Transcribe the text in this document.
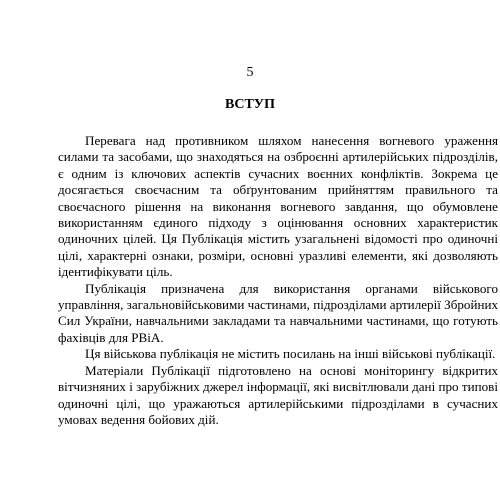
5
ВСТУП

Перевага над противником шляхом нанесення вогневого ураження силами та засобами, що знаходяться на озброєнні артилерійських підрозділів, є одним із ключових аспектів сучасних воєнних конфліктів. Зокрема це досягається своєчасним та обґрунтованим прийняттям правильного та своєчасного рішення на виконання вогневого завдання, що обумовлене використанням єдиного підходу з оцінювання основних характеристик одиночних цілей. Ця Публікація містить узагальнені відомості про одиночні цілі, характерні ознаки, розміри, основні уразливі елементи, які дозволяють ідентифікувати ціль.

Публікація призначена для використання органами військового управління, загальновійськовими частинами, підрозділами артилерії Збройних Сил України, навчальними закладами та навчальними частинами, що готують фахівців для РВіА.

Ця військова публікація не містить посилань на інші військові публікації.

Матеріали Публікації підготовлено на основі моніторингу відкритих вітчизняних і зарубіжних джерел інформації, які висвітлювали дані про типові одиночні цілі, що уражаються артилерійськими підрозділами в сучасних умовах ведення бойових дій.
